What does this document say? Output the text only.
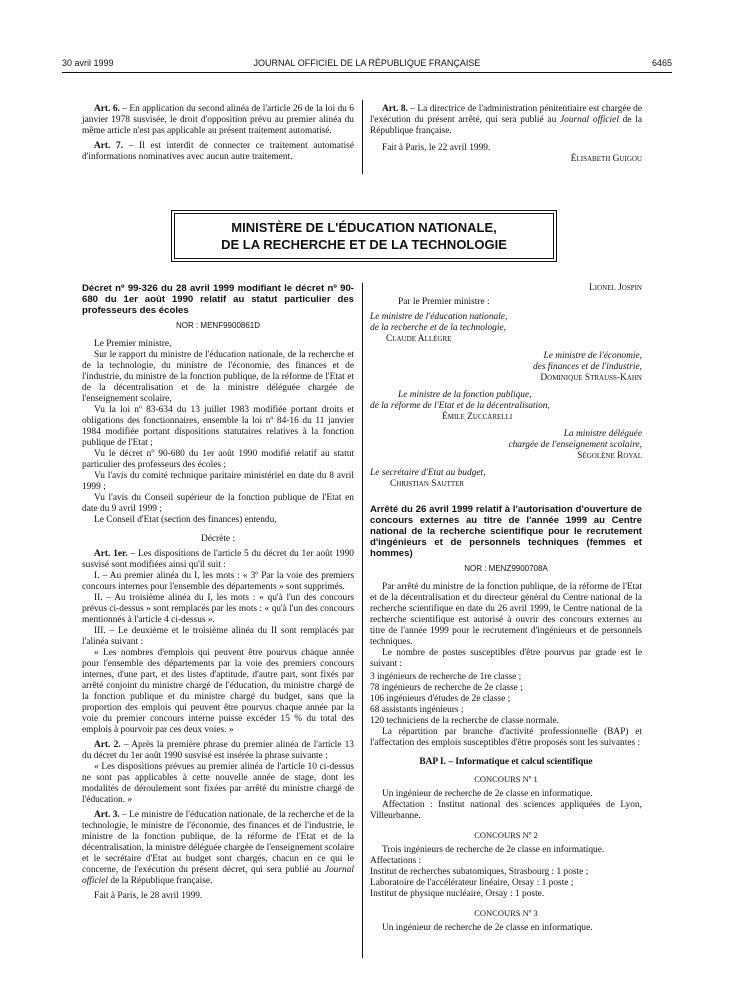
30 avril 1999	JOURNAL OFFICIEL DE LA RÉPUBLIQUE FRANÇAISE	6465

Art. 6. – En application du second alinéa de l'article 26 de la loi du 6 janvier 1978 susvisée, le droit d'opposition prévu au premier alinéa du même article n'est pas applicable au présent traitement automatisé.

Art. 7. – Il est interdit de connecter ce traitement automatisé d'informations nominatives avec aucun autre traitement.

Art. 8. – La directrice de l'administration pénitentiaire est chargée de l'exécution du présent arrêté, qui sera publié au Journal officiel de la République française.

Fait à Paris, le 22 avril 1999.

Élisabeth Guigou

MINISTÈRE DE L'ÉDUCATION NATIONALE,
DE LA RECHERCHE ET DE LA TECHNOLOGIE

Décret nº 99-326 du 28 avril 1999 modifiant le décret nº 90-680 du 1er août 1990 relatif au statut particulier des professeurs des écoles

NOR : MENF9900861D

Le Premier ministre,

Sur le rapport du ministre de l'éducation nationale, de la recherche et de la technologie, du ministre de l'économie, des finances et de l'industrie, du ministre de la fonction publique, de la réforme de l'Etat et de la décentralisation et de la ministre déléguée chargée de l'enseignement scolaire,

Vu la loi nº 83-634 du 13 juillet 1983 modifiée portant droits et obligations des fonctionnaires, ensemble la loi nº 84-16 du 11 janvier 1984 modifiée portant dispositions statutaires relatives à la fonction publique de l'Etat ;

Vu le décret nº 90-680 du 1er août 1990 modifié relatif au statut particulier des professeurs des écoles ;

Vu l'avis du comité technique paritaire ministériel en date du 8 avril 1999 ;

Vu l'avis du Conseil supérieur de la fonction publique de l'Etat en date du 9 avril 1999 ;

Le Conseil d'Etat (section des finances) entendu,

Décrète :

Art. 1er. – Les dispositions de l'article 5 du décret du 1er août 1990 susvisé sont modifiées ainsi qu'il suit :

I. – Au premier alinéa du I, les mots : « 3º Par la voie des premiers concours internes pour l'ensemble des départements » sont supprimés.

II. – Au troisième alinéa du I, les mots : « qu'à l'un des concours prévus ci-dessus » sont remplacés par les mots : « qu'à l'un des concours mentionnés à l'article 4 ci-dessus ».

III. – Le deuxième et le troisième alinéa du II sont remplacés par l'alinéa suivant :

« Les nombres d'emplois qui peuvent être pourvus chaque année pour l'ensemble des départements par la voie des premiers concours internes, d'une part, et des listes d'aptitude, d'autre part, sont fixés par arrêté conjoint du ministre chargé de l'éducation, du ministre chargé de la fonction publique et du ministre chargé du budget, sans que la proportion des emplois qui peuvent être pourvus chaque année par la voie du premier concours interne puisse excéder 15 % du total des emplois à pourvoir par ces deux voies. »

Art. 2. – Après la première phrase du premier alinéa de l'article 13 du décret du 1er août 1990 susvisé est insérée la phrase suivante :

« Les dispositions prévues au premier alinéa de l'article 10 ci-dessus ne sont pas applicables à cette nouvelle année de stage, dont les modalités de déroulement sont fixées par arrêté du ministre chargé de l'éducation. »

Art. 3. – Le ministre de l'éducation nationale, de la recherche et de la technologie, le ministre de l'économie, des finances et de l'industrie, le ministre de la fonction publique, de la réforme de l'Etat et de la décentralisation, la ministre déléguée chargée de l'enseignement scolaire et le secrétaire d'Etat au budget sont chargés, chacun en ce qui le concerne, de l'exécution du présent décret, qui sera publié au Journal officiel de la République française.

Fait à Paris, le 28 avril 1999.

Lionel Jospin

Par le Premier ministre :

Le ministre de l'éducation nationale,

de la recherche et de la technologie,

Claude Allègre

Le ministre de l'économie,

des finances et de l'industrie,

Dominique Strauss-Kahn

Le ministre de la fonction publique,

de la réforme de l'Etat et de la décentralisation,

Émile Zuccarelli

La ministre déléguée

chargée de l'enseignement scolaire,

Ségolène Royal

Le secrétaire d'Etat au budget,

Christian Sautter

Arrêté du 26 avril 1999 relatif à l'autorisation d'ouverture de concours externes au titre de l'année 1999 au Centre national de la recherche scientifique pour le recrutement d'ingénieurs et de personnels techniques (femmes et hommes)

NOR : MENZ9900708A

Par arrêté du ministre de la fonction publique, de la réforme de l'Etat et de la décentralisation et du directeur général du Centre national de la recherche scientifique en date du 26 avril 1999, le Centre national de la recherche scientifique est autorisé à ouvrir des concours externes au titre de l'année 1999 pour le recrutement d'ingénieurs et de personnels techniques.

Le nombre de postes susceptibles d'être pourvus par grade est le suivant :

3 ingénieurs de recherche de 1re classe ;

78 ingénieurs de recherche de 2e classe ;

106 ingénieurs d'études de 2e classe ;

68 assistants ingénieurs ;

120 techniciens de la recherche de classe normale.

La répartition par branche d'activité professionnelle (BAP) et l'affectation des emplois susceptibles d'être proposés sont les suivantes :

BAP I. – Informatique et calcul scientifique

CONCOURS Nº 1

Un ingénieur de recherche de 2e classe en informatique.

Affectation : Institut national des sciences appliquées de Lyon, Villeurbanne.

CONCOURS Nº 2

Trois ingénieurs de recherche de 2e classe en informatique.

Affectations :

Institut de recherches subatomiques, Strasbourg : 1 poste ;

Laboratoire de l'accélérateur linéaire, Orsay : 1 poste ;

Institut de physique nucléaire, Orsay : 1 poste.

CONCOURS Nº 3

Un ingénieur de recherche de 2e classe en informatique.
